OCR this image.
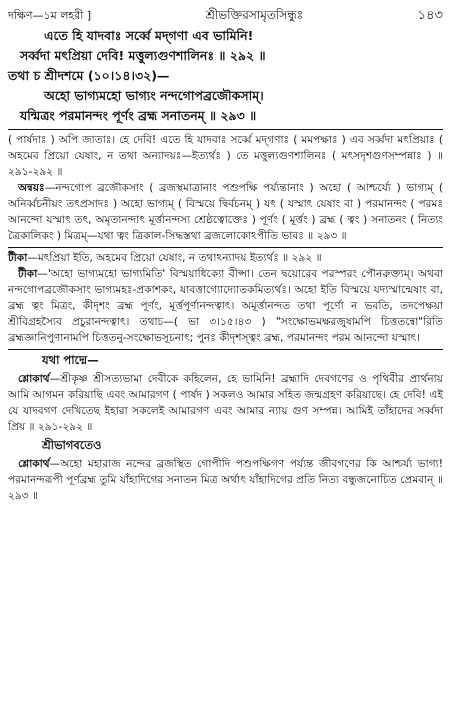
দক্ষিণ—১ম লহরী ]	শ্রীভক্তিরসামৃতসিন্ধুঃ	১৪৩
এতে হি যাদবাঃ সর্ব্বে মদ্‌গণা এব ভামিনি!
সর্ব্বদা মৎপ্রিয়া দেবি! মত্তুল্যগুণশালিনঃ ॥ ২৯২ ॥
তথা চ শ্রীদশমে (১০।১৪।৩২)—
অহো ভাগ্যমহো ভাগ্যং নন্দগোপব্রজৌকসাম্‌।
যন্মিত্রং পরমানন্দং পূর্ণং ব্রহ্ম সনাতনম্‌ ॥ ২৯৩ ॥

( পার্ষদাঃ ) অপি জাতাঃ। হে দেবি! এতে হি যাদবাঃ সর্ব্বে মদ্‌গণাঃ ( মমপক্ষাঃ ) এব সর্ব্বদা মৎপ্রিয়াঃ ( অহমেব প্রিয়ো যেষাং, ন তথা অন্যাদয়ঃ—ইত্যর্থঃ ) তে মত্তুল্যগুণশালিনঃ ( মৎসদৃশগুণসম্পন্নাঃ ) ॥ ২৯১-২৯২ ॥

অন্বয়ঃ—নন্দগোপ ব্রজৌকসাং ( ব্রজস্থমাত্রানাং পশুপক্ষি পর্য্যন্তানাং ) অহো ( আশ্চর্য্যে ) ভাগ্যম্‌ ( অনির্ব্বচনীয়ং তৎপ্রসাদঃ ) অহো ভাগ্যম্‌ ( বিস্ময়ে দ্বির্বচনম্‌ ) যৎ ( যস্মাৎ যেষাং বা ) পরমানন্দং ( পরমঃ আনন্দো যস্মাৎ তৎ, অমৃতানন্দাৎ মূর্ত্তানন্দস্য শ্রেষ্ঠত্বোক্তেঃ ) পূর্ণং ( মূর্ত্তং ) ব্রহ্ম ( ত্বং ) সনাতনং ( নিত্যং ত্রৈকালিকং ) মিত্রম্‌—যথা ত্বং ত্রিকাল-সিদ্ধস্তথা ব্রজলোকোঽপীতি ভাবঃ ॥ ২৯৩ ॥

টীকা—মৎপ্রিয়া ইতি, অহমেব প্রিয়ো যেষাং, ন তথাঽন্যাদয় ইত্যর্থঃ ॥ ২৯২ ॥

টীকা—'অহো ভাগ্যমহো ভাগ্যমিতি' বিস্ময়াধিক্যো বীপ্সা। তেন দ্বয়োরেব পরস্পরং পৌনরুক্ত্যম্‌। অথবা নন্দগোপব্রজৌকসাং ভাগ্যমহঃ-প্রকাশকং, যাবত্তাগ্যোদ্যোতকমিত্যর্থঃ। অহো ইতি বিস্ময়ে যদ্যস্মান্মেষাং বা, ব্রহ্ম ত্বং মিত্রং, কীদৃশং ব্রহ্ম পূর্ণং, মূর্ত্তপূর্ণানন্দত্বাৎ। অমূর্ত্তানন্দত তথা পূর্ণো ন ভবতি, তদপেক্ষয়া শ্রীবিগ্রহস্যৈব প্রচুরানন্দত্বাৎ। তথাচ—( ভা ৩।১৫।৪৩ ) "সংক্ষোভমক্ষরজুষামপি চিত্ততন্বো"রিতি ব্রহ্মজ্ঞানিপুণানামপি চিত্ততনু-সংক্ষোভসূচনাৎ; পুনঃ কীদৃশস্ত্বং ব্রহ্ম, পরমানন্দং পরম আনন্দো যস্মাৎ।

যথা পাদ্মে—

শ্লোকার্থ—শ্রীকৃষ্ণ শ্রীসত্যভামা দেবীকে কহিলেন, হে ভামিনি! ব্রহ্মাদি দেবগণের ও পৃথিবীর প্রার্থনায় আমি আগমন করিয়াছি এবং আমারগণ ( পার্ষদ ) সকলও আমার সহিত জন্মগ্রহণ করিয়াছে। হে দেবি! এই যে যাদবগণ দেখিতেছ ইহারা সকলেই আমারগণ এবং আমার ন্যায় গুণ সম্পন্ন। আমিই তাঁহাদের সর্ব্বদা প্রিয় ॥ ২৯১-২৯২ ॥

শ্রীভাগবতেও

শ্লোকার্থ—অহো মহারাজ নন্দের ব্রজস্থিত গোপীদি পশুপক্ষিগণ পর্য্যন্ত জীবগণের কি আশ্চর্য্য ভাগ্য! পরমানন্দরূপী পূর্ণব্রহ্ম তুমি যাঁহাদিগের সনাতন মিত্র অর্থাৎ যাঁহাদিগের প্রতি নিত্য বন্ধুজনোচিত প্রেমবান্‌ ॥ ২৯৩ ॥
